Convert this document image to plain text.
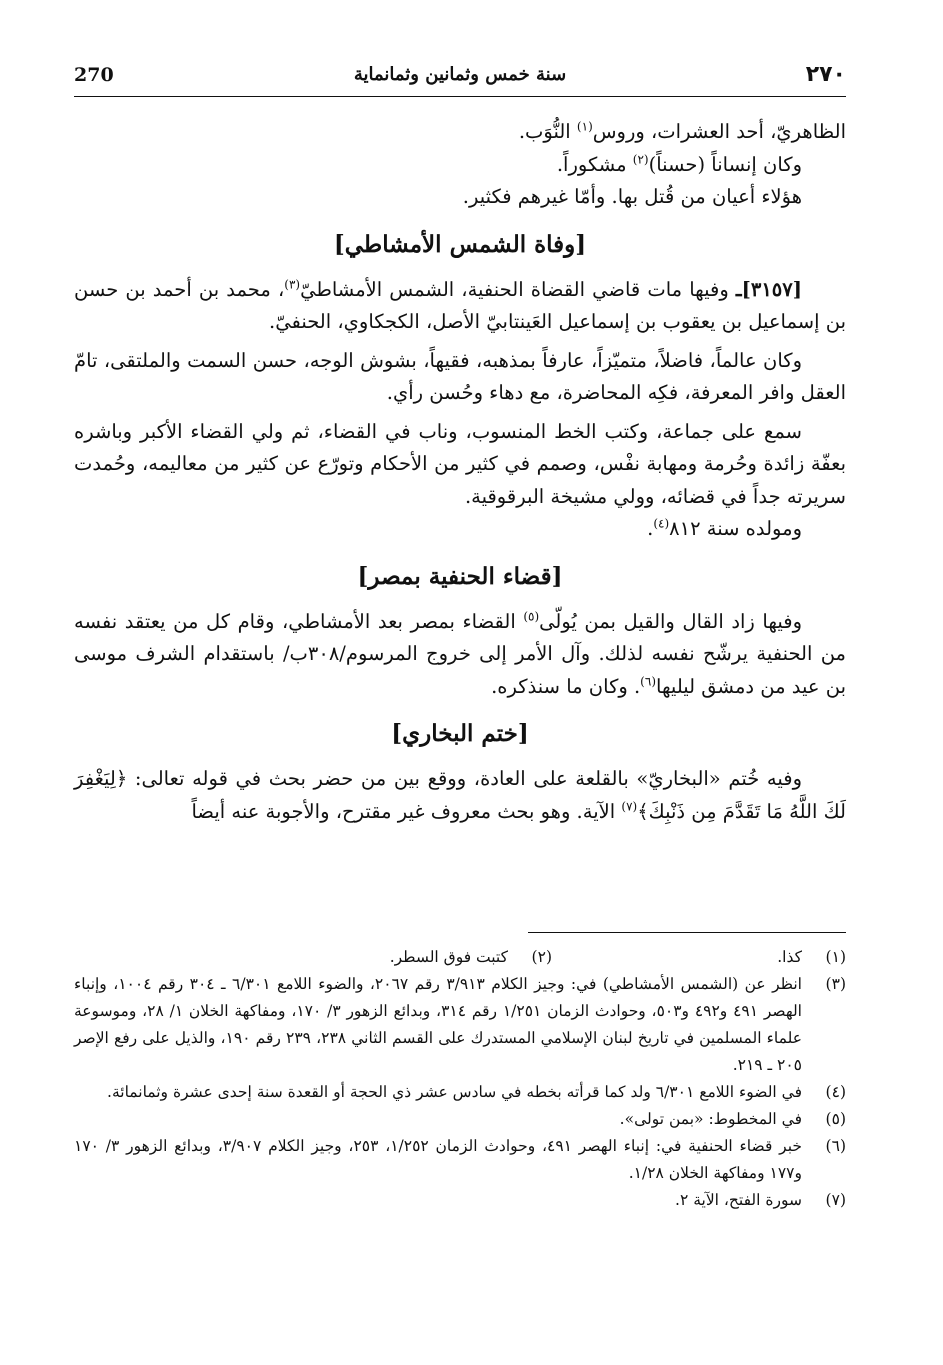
270	سنة خمس وثمانين وثمانماية	٢٧٠

الظاهريّ، أحد العشرات، وروس$^{(١)}$ النُّوَب.

وكان إنساناً (حسناً)$^{(٢)}$ مشكوراً.

هؤلاء أعيان من قُتل بها. وأمّا غيرهم فكثير.

[وفاة الشمس الأمشاطي]

[٣١٥٧]ـ وفيها مات قاضي القضاة الحنفية، الشمس الأمشاطيّ$^{(٣)}$، محمد بن أحمد بن حسن بن إسماعيل بن يعقوب بن إسماعيل العَينتابيّ الأصل، الكجكاوي، الحنفيّ.

وكان عالماً، فاضلاً، متميّزاً، عارفاً بمذهبه، فقيهاً، بشوش الوجه، حسن السمت والملتقى، تامّ العقل وافر المعرفة، فكِه المحاضرة، مع دهاء وحُسن رأي.

سمع على جماعة، وكتب الخط المنسوب، وناب في القضاء، ثم ولي القضاء الأكبر وباشره بعفّة زائدة وحُرمة ومهابة نفْس، وصمم في كثير من الأحكام وتورّع عن كثير من معاليمه، وحُمدت سريرته جداً في قضائه، وولي مشيخة البرقوقية.

ومولده سنة ٨١٢$^{(٤)}$.

[قضاء الحنفية بمصر]

وفيها زاد القال والقيل بمن يُولّى$^{(٥)}$ القضاء بمصر بعد الأمشاطي، وقام كل من يعتقد نفسه من الحنفية يرشّح نفسه لذلك. وآل الأمر إلى خروج المرسوم/٣٠٨ب/ باستقدام الشرف موسى بن عيد من دمشق ليليها$^{(٦)}$. وكان ما سنذكره.

[ختم البخاري]

وفيه خُتم «البخاريّ» بالقلعة على العادة، ووقع بين من حضر بحث في قوله تعالى: ﴿لِيَغْفِرَ لَكَ اللَّهُ مَا تَقَدَّمَ مِن ذَنْبِكَ﴾$^{(٧)}$ الآية. وهو بحث معروف غير مقترح، والأجوبة عنه أيضاً

(١)
كذا.
(٢)
كتبت فوق السطر.
(٣)
انظر عن (الشمس الأمشاطي) في: وجيز الكلام ٣/٩١٣ رقم ٢٠٦٧، والضوء اللامع ٦/٣٠١ ـ ٣٠٤ رقم ١٠٠٤، وإنباء الهصر ٤٩١ و٤٩٢ و٥٠٣، وحوادث الزمان ١/٢٥١ رقم ٣١٤، وبدائع الزهور ٣/ ١٧٠، ومفاكهة الخلان ١/ ٢٨، وموسوعة علماء المسلمين في تاريخ لبنان الإسلامي المستدرك على القسم الثاني ٢٣٨، ٢٣٩ رقم ١٩٠، والذيل على رفع الإصر ٢٠٥ ـ ٢١٩.
(٤)
في الضوء اللامع ٦/٣٠١ ولد كما قرأته بخطه في سادس عشر ذي الحجة أو القعدة سنة إحدى عشرة وثمانمائة.
(٥)
في المخطوط: «بمن تولى».
(٦)
خبر قضاء الحنفية في: إنباء الهصر ٤٩١، وحوادث الزمان ١/٢٥٢، ٢٥٣، وجيز الكلام ٣/٩٠٧، وبدائع الزهور ٣/ ١٧٠ و١٧٧ ومفاكهة الخلان ١/٢٨.
(٧)
سورة الفتح، الآية ٢.
